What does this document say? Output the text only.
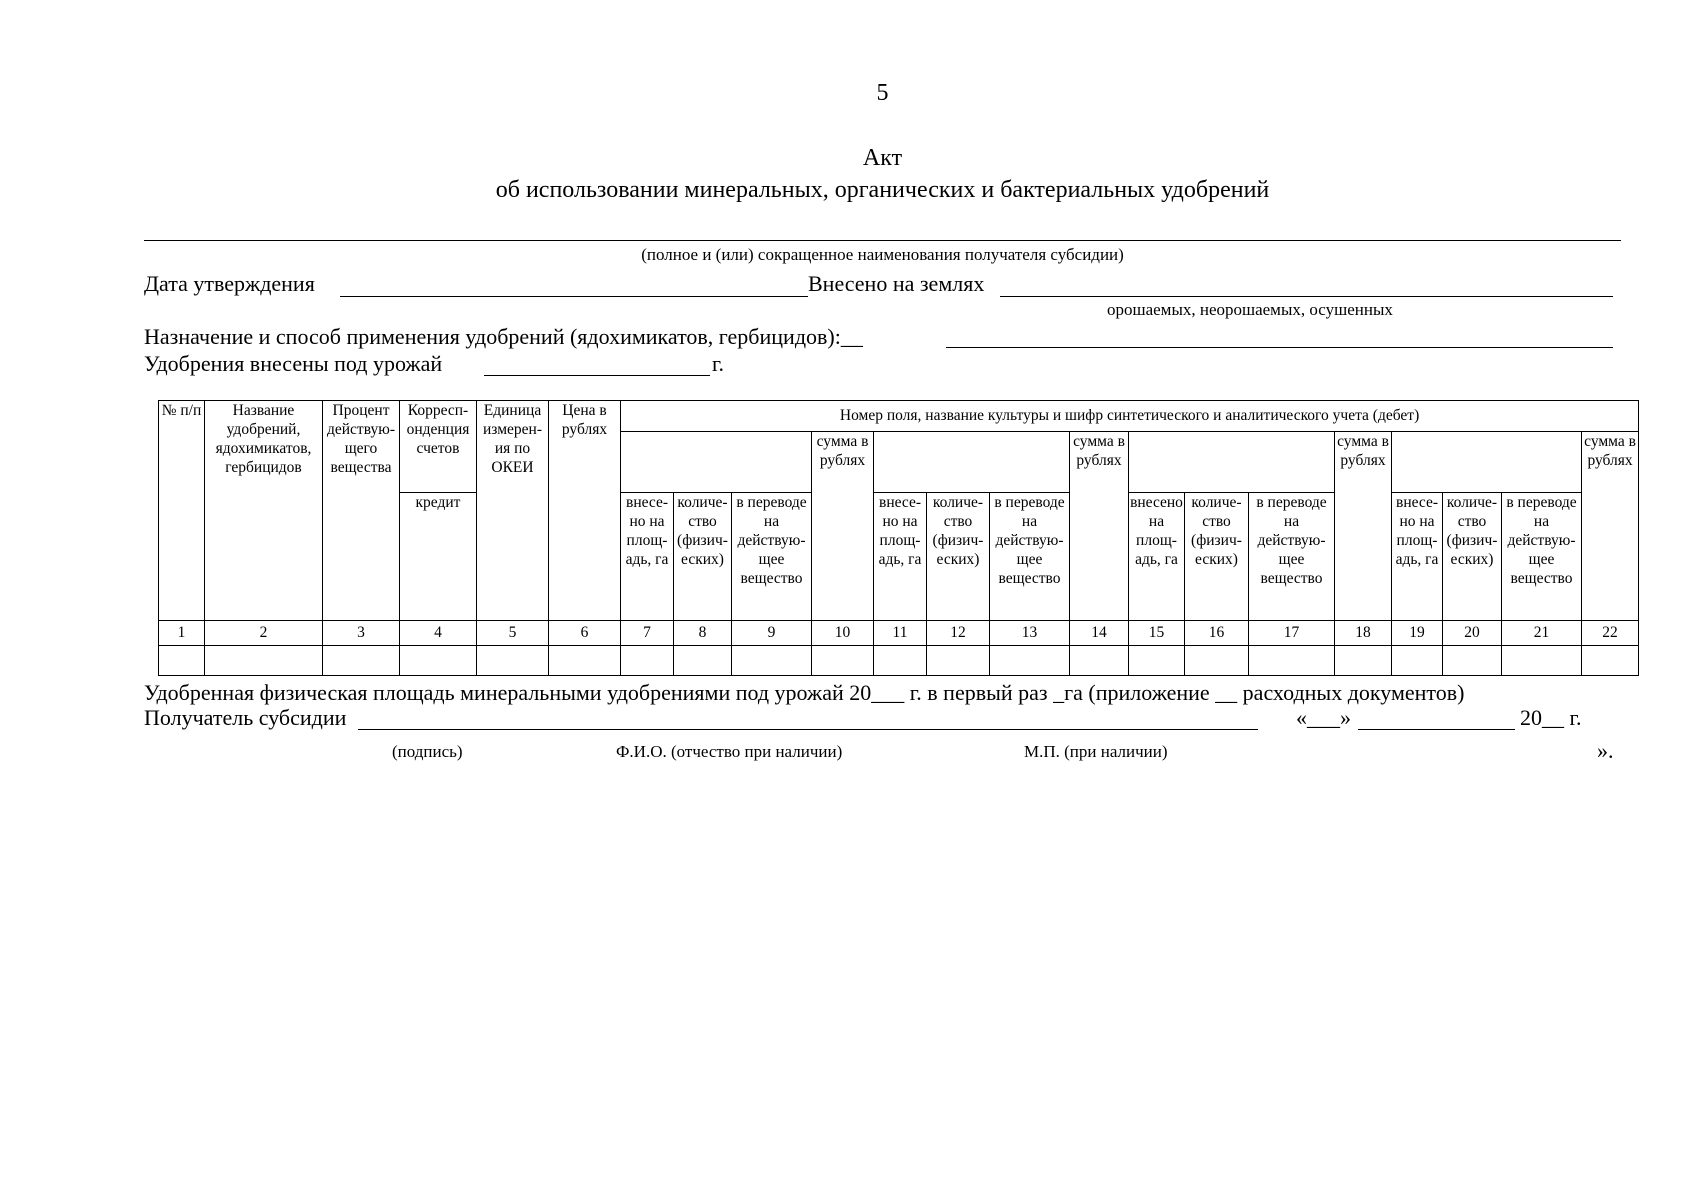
5
Акт
об использовании минеральных, органических и бактериальных удобрений
(полное и (или) сокращенное наименования получателя субсидии)
Дата утверждения	Внесено на землях
орошаемых, неорошаемых, осушенных
Назначение и способ применения удобрений (ядохимикатов, гербицидов):__
Удобрения внесены под урожай	г.
№ п/п	Название удобрений, ядохимикатов, гербицидов	Процент действующего вещества	Корреспонденция счетов	Единица измерения по ОКЕИ	Цена в рублях	Номер поля, название культуры и шифр синтетического и аналитического учета (дебет)															
									сумма в рублях				сумма в рублях				сумма в рублях				сумма в рублях
			кредит			внесено на площадь, га	количество (физических)	в переводе на действующее вещество		внесено на площадь, га	количество (физических)	в переводе на действующее вещество		внесено на площадь, га	количество (физических)	в переводе на действующее вещество		внесено на площадь, га	количество (физических)	в переводе на действующее вещество	
1	2	3	4	5	6	7	8	9	10	11	12	13	14	15	16	17	18	19	20	21	22

Удобренная физическая площадь минеральными удобрениями под урожай 20___ г. в первый раз _га (приложение __ расходных документов)
Получатель субсидии	«___»	20__ г.
(подпись)	Ф.И.О. (отчество при наличии)	М.П. (при наличии)	».
